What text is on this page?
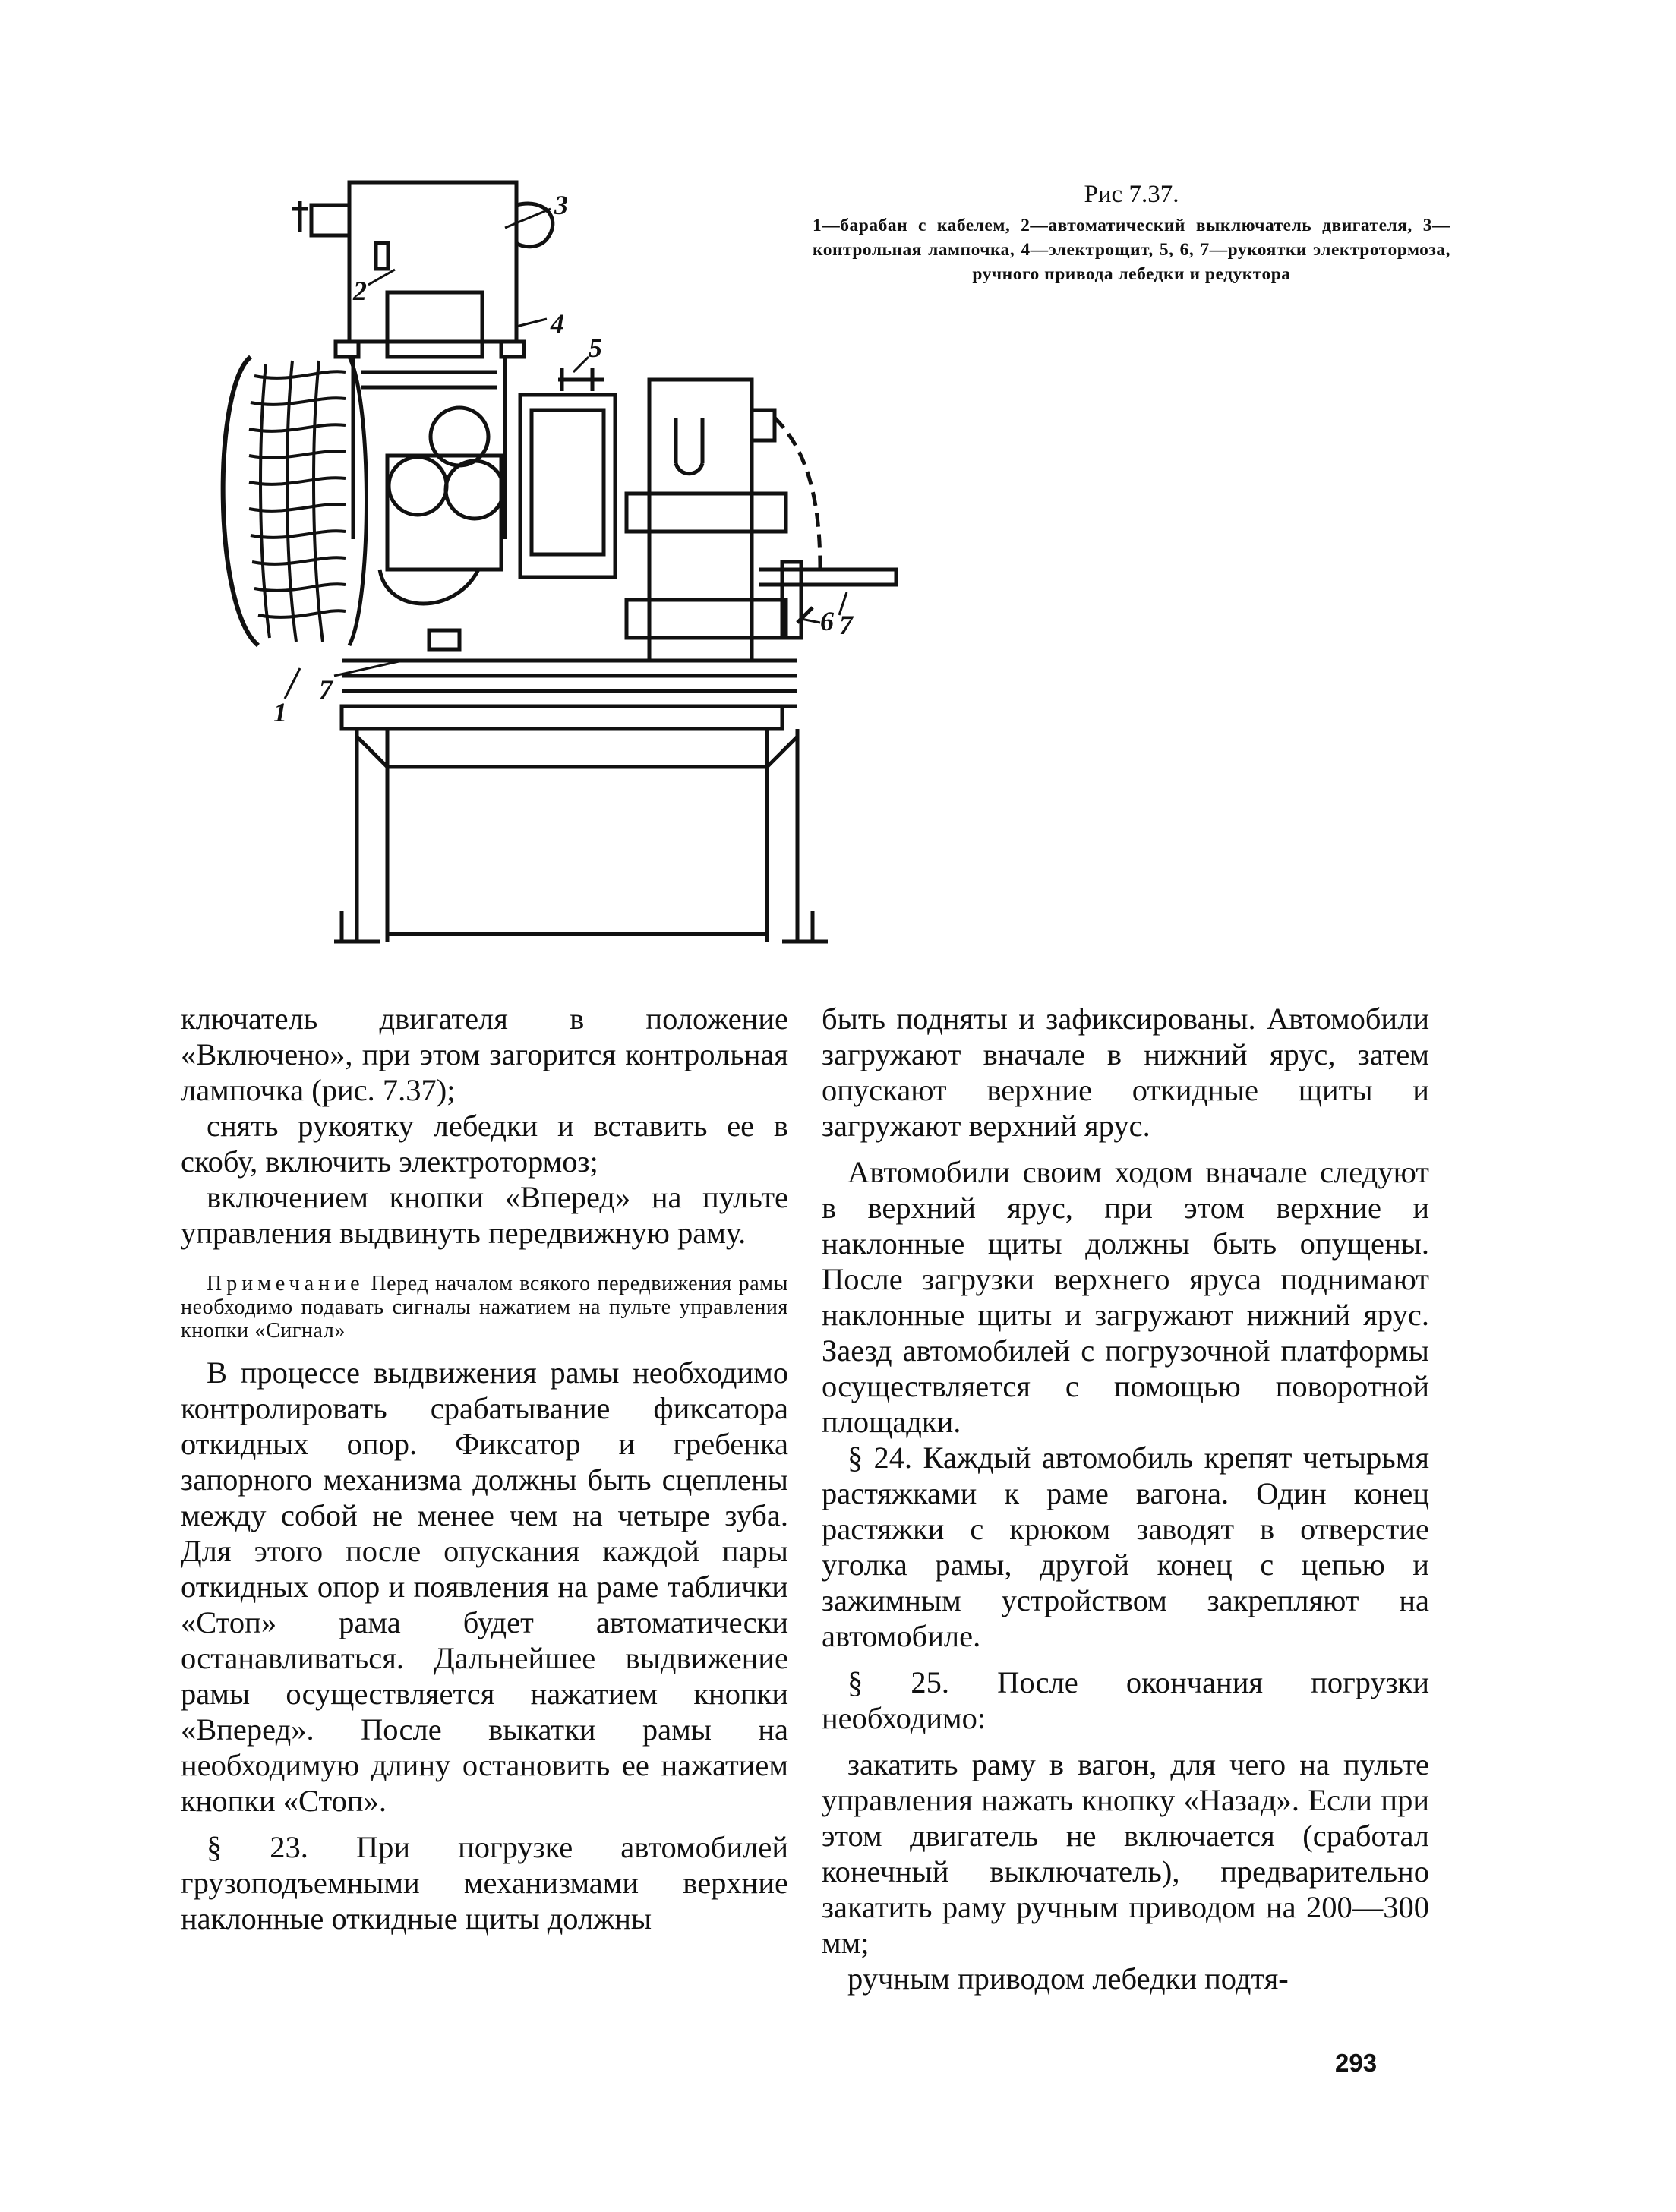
3
2
4
5
1
7
6 7
Рис 7.37.
1—барабан с кабелем, 2—автоматический выключатель двигателя, 3—контрольная лампочка, 4—электрощит, 5, 6, 7—рукоятки электротормоза, ручного привода лебедки и редуктора

ключатель двигателя в положение «Включено», при этом загорится контрольная лампочка (рис. 7.37);

снять рукоятку лебедки и вставить ее в скобу, включить электротормоз;

включением кнопки «Вперед» на пульте управления выдвинуть передвижную раму.

Примечание Перед началом всякого передвижения рамы необходимо подавать сигналы нажатием на пульте управления кнопки «Сигнал»

В процессе выдвижения рамы необходимо контролировать срабатывание фиксатора откидных опор. Фиксатор и гребенка запорного механизма должны быть сцеплены между собой не менее чем на четыре зуба. Для этого после опускания каждой пары откидных опор и появления на раме таблички «Стоп» рама будет автоматически останавливаться. Дальнейшее выдвижение рамы осуществляется нажатием кнопки «Вперед». После выкатки рамы на необходимую длину остановить ее нажатием кнопки «Стоп».

§ 23. При погрузке автомобилей грузоподъемными механизмами верхние наклонные откидные щиты должны

быть подняты и зафиксированы. Автомобили загружают вначале в нижний ярус, затем опускают верхние откидные щиты и загружают верхний ярус.

Автомобили своим ходом вначале следуют в верхний ярус, при этом верхние и наклонные щиты должны быть опущены. После загрузки верхнего яруса поднимают наклонные щиты и загружают нижний ярус. Заезд автомобилей с погрузочной платформы осуществляется с помощью поворотной площадки.

§ 24. Каждый автомобиль крепят четырьмя растяжками к раме вагона. Один конец растяжки с крюком заводят в отверстие уголка рамы, другой конец с цепью и зажимным устройством закрепляют на автомобиле.

§ 25. После окончания погрузки необходимо:

закатить раму в вагон, для чего на пульте управления нажать кнопку «Назад». Если при этом двигатель не включается (сработал конечный выключатель), предварительно закатить раму ручным приводом на 200—300 мм;

ручным приводом лебедки подтя-

293
